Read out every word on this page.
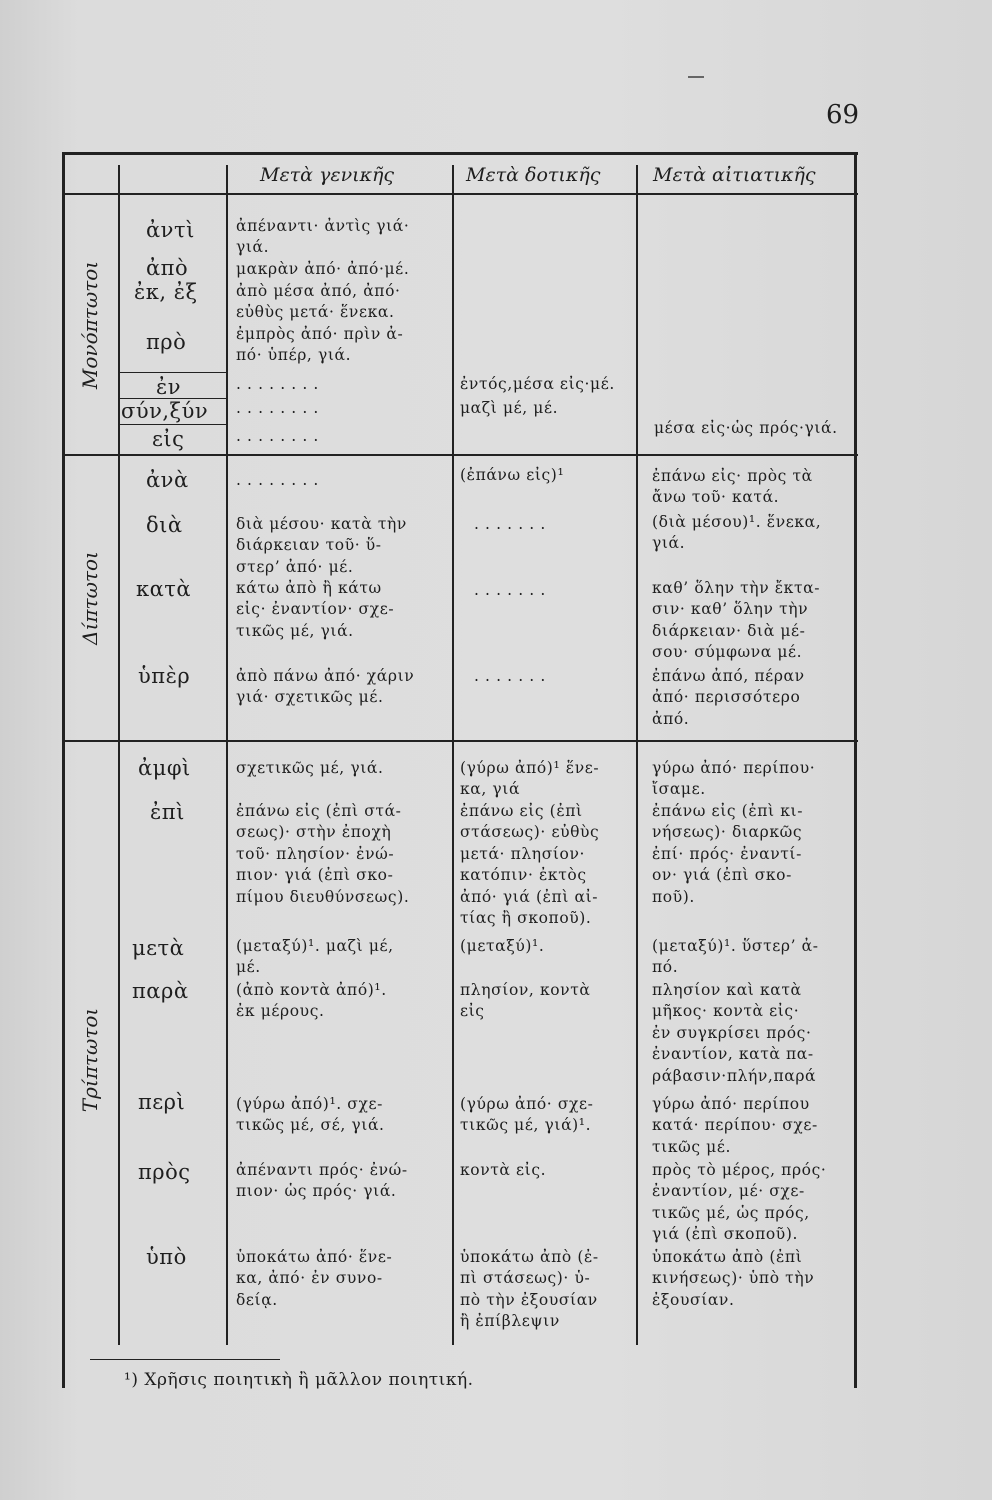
69
Μετὰ γενικῆς	Μετὰ δοτικῆς	Μετὰ αἰτιατικῆς
Μονόπτωτοι
Δίπτωτοι
Τρίπτωτοι
ἀντὶ
ἀπὸ
ἐκ, ἐξ
πρὸ
ἐν
σύν,ξύν
εἰς
ἀνὰ
διὰ
κατὰ
ὑπὲρ
ἀμφὶ
ἐπὶ
μετὰ
παρὰ
περὶ
πρὸς
ὑπὸ
ἀπέναντι· ἀντὶς γιά·
γιά.
μακρὰν ἀπό· ἀπό·μέ.
ἀπὸ μέσα ἀπό, ἀπό·
εὐθὺς μετά· ἕνεκα.
ἐμπρὸς ἀπό· πρὶν ἀ-
πό· ὑπέρ, γιά.
. . . . . . . .
. . . . . . . .
. . . . . . . .
. . . . . . . .
διὰ μέσου· κατὰ τὴν
διάρκειαν τοῦ· ὕ-
στερ’ ἀπό· μέ.
κάτω ἀπὸ ἢ κάτω
εἰς· ἐναντίον· σχε-
τικῶς μέ, γιά.
ἀπὸ πάνω ἀπό· χάριν
γιά· σχετικῶς μέ.
σχετικῶς μέ, γιά.
ἐπάνω εἰς (ἐπὶ στά-
σεως)· στὴν ἐποχὴ
τοῦ· πλησίον· ἐνώ-
πιον· γιά (ἐπὶ σκο-
πίμου διευθύνσεως).
(μεταξύ)¹. μαζὶ μέ,
μέ.
(ἀπὸ κοντὰ ἀπό)¹.
ἐκ μέρους.
(γύρω ἀπό)¹. σχε-
τικῶς μέ, σέ, γιά.
ἀπέναντι πρός· ἐνώ-
πιον· ὡς πρός· γιά.
ὑποκάτω ἀπό· ἕνε-
κα, ἀπό· ἐν συνο-
δείᾳ.
ἐντός,μέσα εἰς·μέ.
μαζὶ μέ, μέ.
(ἐπάνω εἰς)¹
. . . . . . .
. . . . . . .
. . . . . . .
(γύρω ἀπό)¹ ἕνε-
κα, γιά
ἐπάνω εἰς (ἐπὶ
στάσεως)· εὐθὺς
μετά· πλησίον·
κατόπιν· ἐκτὸς
ἀπό· γιά (ἐπὶ αἰ-
τίας ἢ σκοποῦ).
(μεταξύ)¹.
πλησίον, κοντὰ
εἰς
(γύρω ἀπό· σχε-
τικῶς μέ, γιά)¹.
κοντὰ εἰς.
ὑποκάτω ἀπὸ (ἐ-
πὶ στάσεως)· ὑ-
πὸ τὴν ἐξουσίαν
ἢ ἐπίβλεψιν
μέσα εἰς·ὡς πρός·γιά.
ἐπάνω εἰς· πρὸς τὰ
ἄνω τοῦ· κατά.
(διὰ μέσου)¹. ἕνεκα,
γιά.
καθ’ ὅλην τὴν ἔκτα-
σιν· καθ’ ὅλην τὴν
διάρκειαν· διὰ μέ-
σου· σύμφωνα μέ.
ἐπάνω ἀπό, πέραν
ἀπό· περισσότερο
ἀπό.
γύρω ἀπό· περίπου·
ἴσαμε.
ἐπάνω εἰς (ἐπὶ κι-
νήσεως)· διαρκῶς
ἐπί· πρός· ἐναντί-
ον· γιά (ἐπὶ σκο-
ποῦ).
(μεταξύ)¹. ὕστερ’ ἀ-
πό.
πλησίον καὶ κατὰ
μῆκος· κοντὰ εἰς·
ἐν συγκρίσει πρός·
ἐναντίον, κατὰ πα-
ράβασιν·πλήν,παρά
γύρω ἀπό· περίπου
κατά· περίπου· σχε-
τικῶς μέ.
πρὸς τὸ μέρος, πρός·
ἐναντίον, μέ· σχε-
τικῶς μέ, ὡς πρός,
γιά (ἐπὶ σκοποῦ).
ὑποκάτω ἀπὸ (ἐπὶ
κινήσεως)· ὑπὸ τὴν
ἐξουσίαν.
¹) Χρῆσις ποιητικὴ ἢ μᾶλλον ποιητική.
